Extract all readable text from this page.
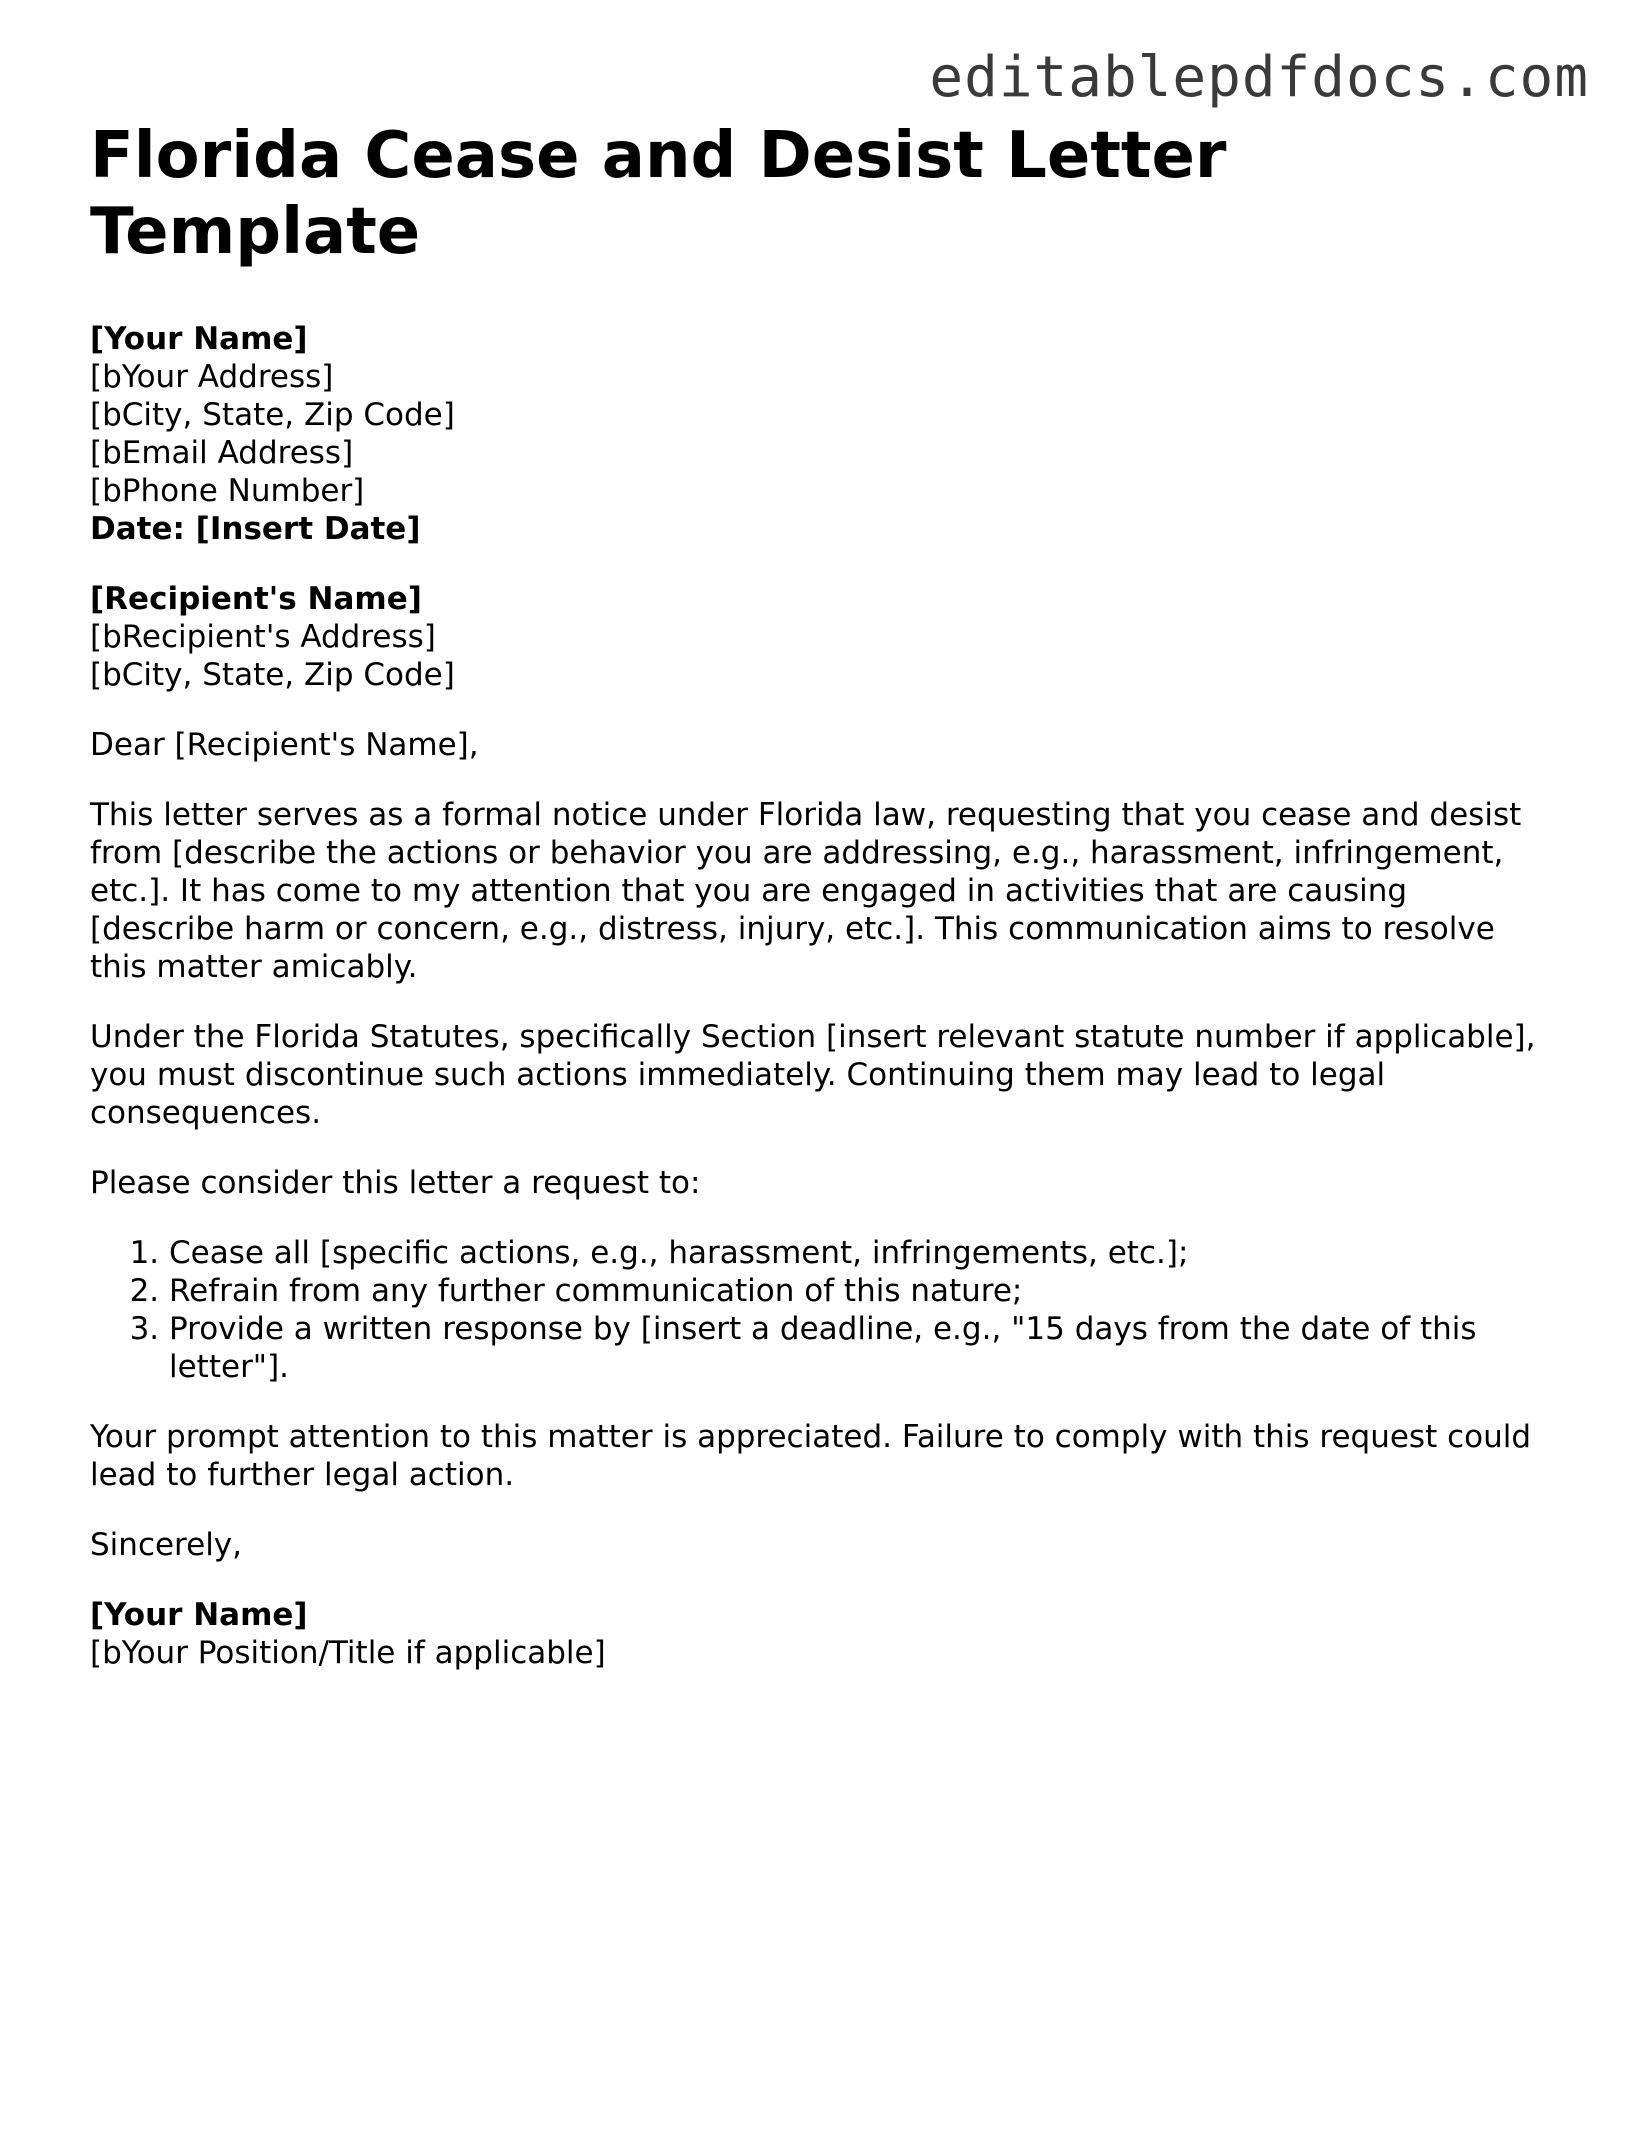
editablepdfdocs.com
Florida Cease and Desist Letter Template
[Your Name]
[bYour Address]
[bCity, State, Zip Code]
[bEmail Address]
[bPhone Number]
Date: [Insert Date]
[Recipient's Name]
[bRecipient's Address]
[bCity, State, Zip Code]

Dear [Recipient's Name],

This letter serves as a formal notice under Florida law, requesting that you cease and desist from [describe the actions or behavior you are addressing, e.g., harassment, infringement, etc.]. It has come to my attention that you are engaged in activities that are causing [describe harm or concern, e.g., distress, injury, etc.]. This communication aims to resolve this matter amicably.

Under the Florida Statutes, specifically Section [insert relevant statute number if applicable], you must discontinue such actions immediately. Continuing them may lead to legal consequences.

Please consider this letter a request to:

1. Cease all [specific actions, e.g., harassment, infringements, etc.];
2. Refrain from any further communication of this nature;
3. Provide a written response by [insert a deadline, e.g., "15 days from the date of this letter"].

Your prompt attention to this matter is appreciated. Failure to comply with this request could lead to further legal action.

Sincerely,

[Your Name]
[bYour Position/Title if applicable]
